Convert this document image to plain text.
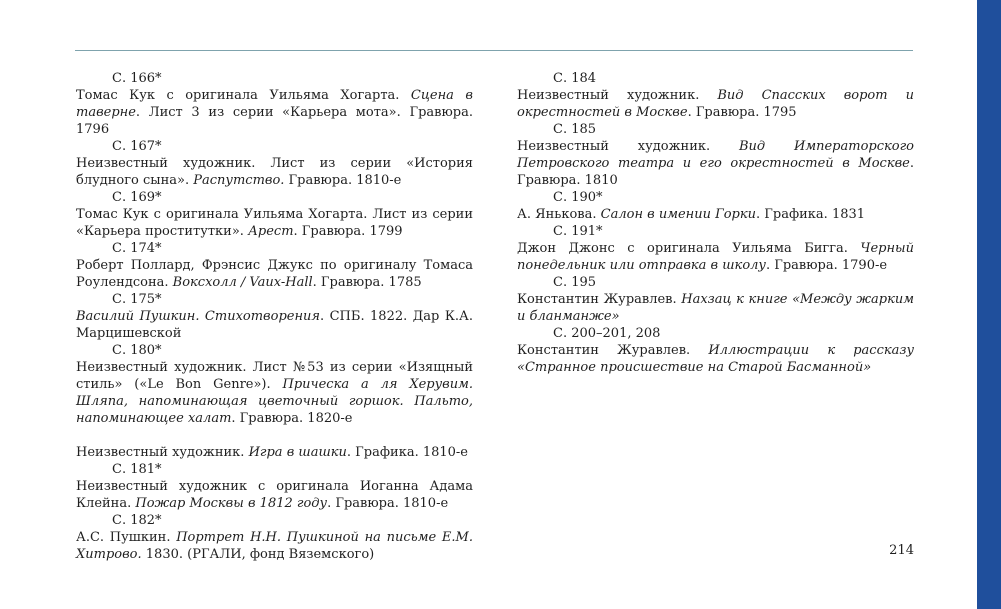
С. 166*

Томас Кук с оригинала Уильяма Хогарта. Сцена в таверне. Лист 3 из серии «Карьера мота». Гравюра. 1796

С. 167*

Неизвестный художник. Лист из серии «История блудного сына». Распутство. Гравюра. 1810-е

С. 169*

Томас Кук с оригинала Уильяма Хогарта. Лист из серии «Карьера проститутки». Арест. Гравюра. 1799

С. 174*

Роберт Поллард, Фрэнсис Джукс по оригиналу Томаса Роулендсона. Воксхолл / Vaux-Hall. Гравюра. 1785

С. 175*

Василий Пушкин. Стихотворения. СПБ. 1822. Дар К.А. Марцишевской

С. 180*

Неизвестный художник. Лист №53 из серии «Изящный стиль» («Le Bon Genre»). Прическа а ля Херувим. Шляпа, напоминающая цветочный горшок. Пальто, напоминающее халат. Гравюра. 1820-е

Неизвестный художник. Игра в шашки. Графика. 1810-е

С. 181*

Неизвестный художник с оригинала Иоганна Адама Клейна. Пожар Москвы в 1812 году. Гравюра. 1810-е

С. 182*

А.С. Пушкин. Портрет Н.Н. Пушкиной на письме Е.М. Хитрово. 1830. (РГАЛИ, фонд Вяземского)

С. 184

Неизвестный художник. Вид Спасских ворот и окрестностей в Москве. Гравюра. 1795

С. 185

Неизвестный художник. Вид Императорского Петровского театра и его окрестностей в Москве. Гравюра. 1810

С. 190*

А. Янькова. Салон в имении Горки. Графика. 1831

С. 191*

Джон Джонс с оригинала Уильяма Бигга. Черный понедельник или отправка в школу. Гравюра. 1790-е

С. 195

Константин Журавлев. Нахзац к книге «Между жарким и бланманже»

С. 200–201, 208

Константин Журавлев. Иллюстрации к рассказу «Странное происшествие на Старой Басманной»

214
